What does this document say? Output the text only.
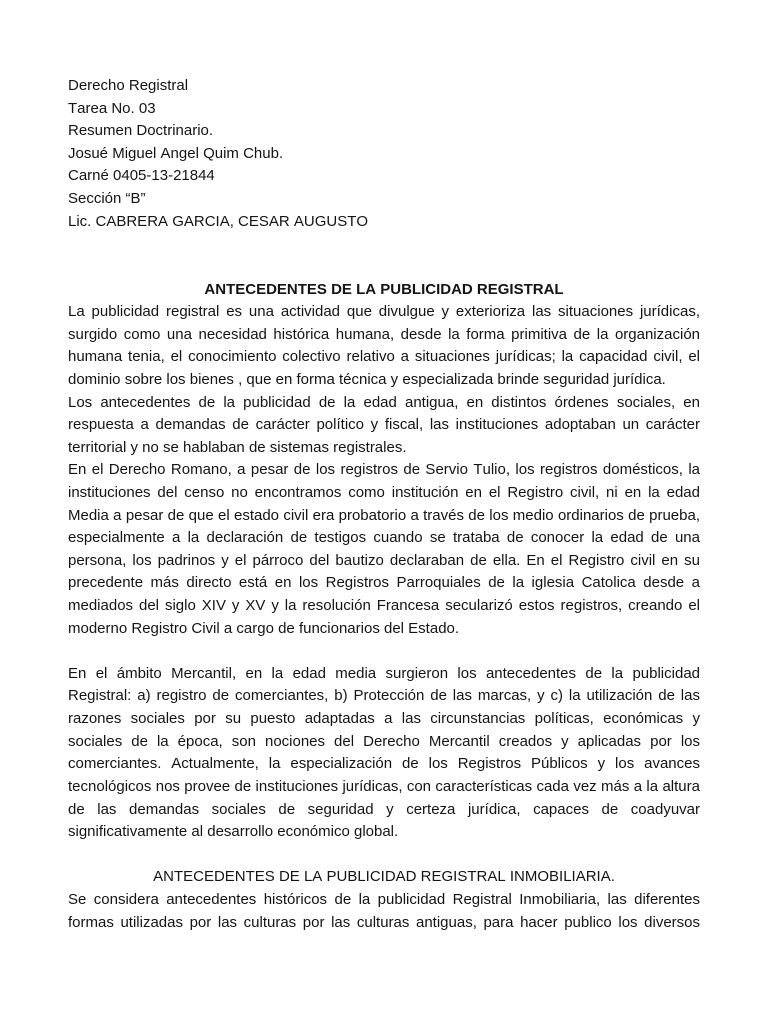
Derecho Registral
Tarea No. 03
Resumen Doctrinario.
Josué Miguel Angel Quim Chub.
Carné 0405-13-21844
Sección “B”
Lic. CABRERA GARCIA, CESAR AUGUSTO
ANTECEDENTES DE LA PUBLICIDAD REGISTRAL
La publicidad registral es una actividad que divulgue y exterioriza las situaciones jurídicas,
surgido como una necesidad histórica humana, desde la forma primitiva de la organización
humana tenia, el conocimiento colectivo relativo a situaciones jurídicas; la capacidad civil, el
dominio sobre los bienes , que en forma técnica y especializada brinde seguridad jurídica.
Los antecedentes de la publicidad de la edad antigua, en distintos órdenes sociales, en
respuesta a demandas de carácter político y fiscal, las instituciones adoptaban un carácter
territorial y no se hablaban de sistemas registrales.
En el Derecho Romano, a pesar de los registros de Servio Tulio, los registros domésticos, la
instituciones del censo no encontramos como institución en el Registro civil, ni en la edad
Media a pesar de que el estado civil era probatorio a través de los medio ordinarios de prueba,
especialmente a la declaración de testigos cuando se trataba de conocer la edad de una
persona, los padrinos y el párroco del bautizo declaraban de ella. En el Registro civil en su
precedente más directo está en los Registros Parroquiales de la iglesia Catolica desde a
mediados del siglo XIV y XV y la resolución Francesa secularizó estos registros, creando el
moderno Registro Civil a cargo de funcionarios del Estado.
En el ámbito Mercantil, en la edad media surgieron los antecedentes de la publicidad
Registral: a) registro de comerciantes, b) Protección de las marcas, y c) la utilización de las
razones sociales por su puesto adaptadas a las circunstancias políticas, económicas y
sociales de la época, son nociones del Derecho Mercantil creados y aplicadas por los
comerciantes. Actualmente, la especialización de los Registros Públicos y los avances
tecnológicos nos provee de instituciones jurídicas, con características cada vez más a la altura
de las demandas sociales de seguridad y certeza jurídica, capaces de coadyuvar
significativamente al desarrollo económico global.
ANTECEDENTES DE LA PUBLICIDAD REGISTRAL INMOBILIARIA.
Se considera antecedentes históricos de la publicidad Registral Inmobiliaria, las diferentes
formas utilizadas por las culturas por las culturas antiguas, para hacer publico los diversos
